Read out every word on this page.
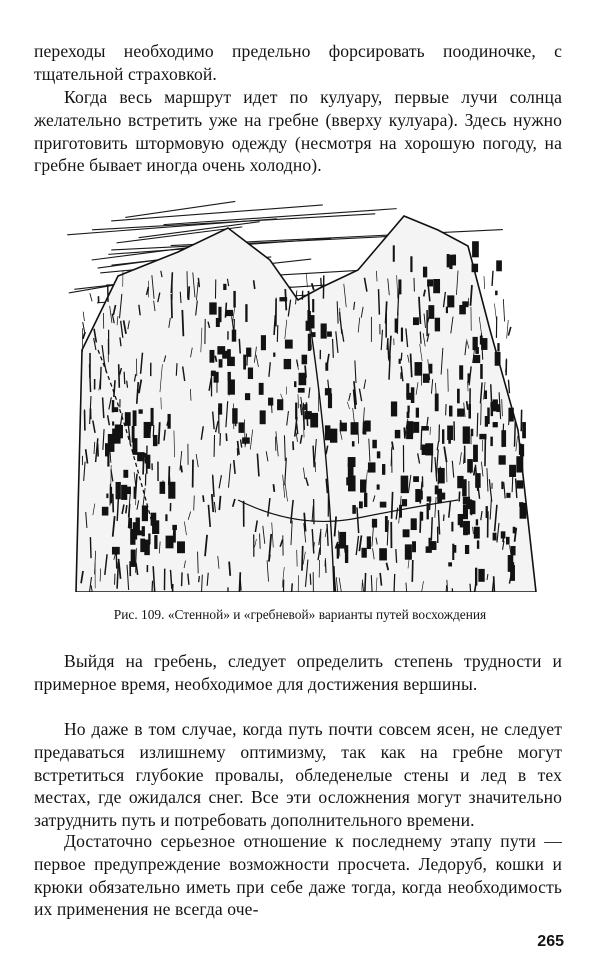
переходы необходимо предельно форсировать поодиночке, с тщательной страховкой.

Когда весь маршрут идет по кулуару, первые лучи солнца желательно встретить уже на гребне (вверху кулуара). Здесь нужно приготовить штормовую одежду (несмотря на хорошую погоду, на гребне бывает иногда очень холодно).

Рис. 109. «Стенной» и «гребневой» варианты путей восхождения

Выйдя на гребень, следует определить степень трудности и примерное время, необходимое для достижения вершины.

Но даже в том случае, когда путь почти совсем ясен, не следует предаваться излишнему оптимизму, так как на гребне могут встретиться глубокие провалы, обледенелые стены и лед в тех местах, где ожидался снег. Все эти осложнения могут значительно затруднить путь и потребовать дополнительного времени.

Достаточно серьезное отношение к последнему этапу пути — первое предупреждение возможности просчета. Ледоруб, кошки и крюки обязательно иметь при себе даже тогда, когда необходимость их применения не всегда оче-

265
